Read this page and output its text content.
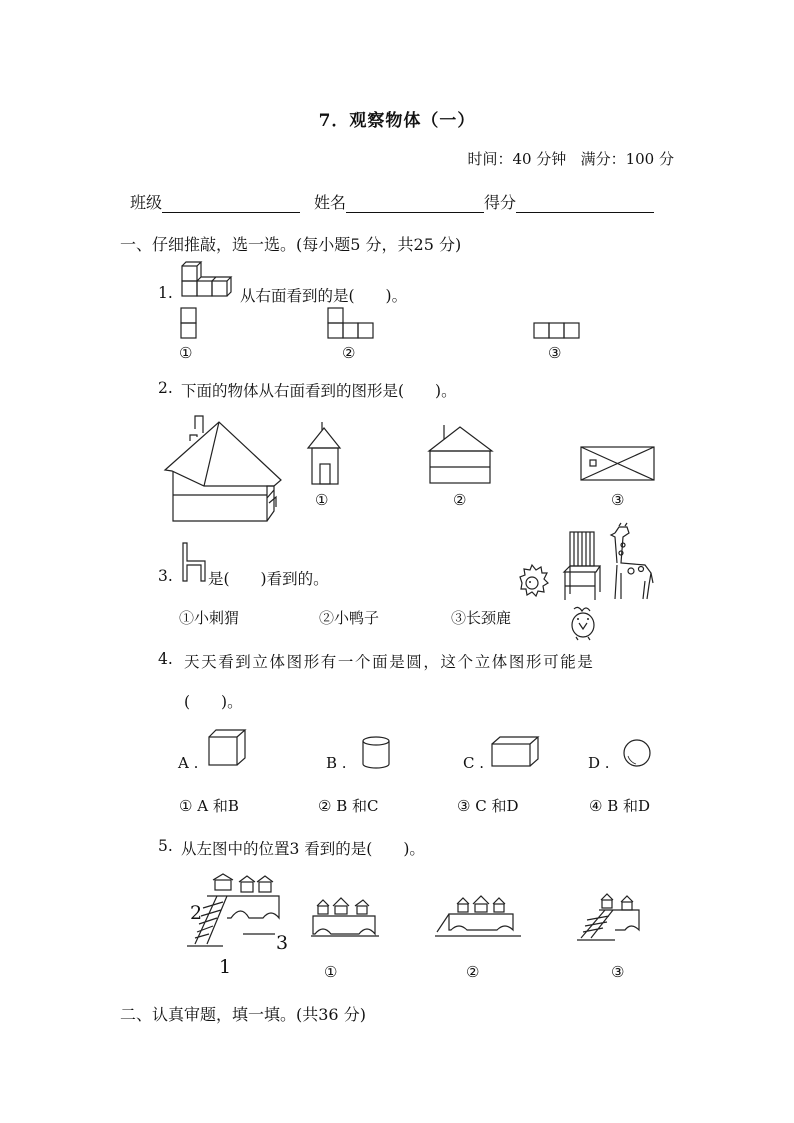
7．观察物体（一）
时间：40 分钟   满分：100 分
班级	姓名	得分
一、仔细推敲，选一选。(每小题5 分，共25 分)
1.	从右面看到的是(　　)。
①	②	③
2. 下面的物体从右面看到的图形是(　　)。
①	②	③
3. 是(　　)看到的。
①小刺猬	②小鸭子	③长颈鹿
4. 天天看到立体图形有一个面是圆，这个立体图形可能是
(　　)。
A .	B .	C .	D .
① A 和B	② B 和C	③ C 和D	④ B 和D
5. 从左图中的位置3 看到的是(　　)。
2
3
1	①	②	③
二、认真审题，填一填。(共36 分)
